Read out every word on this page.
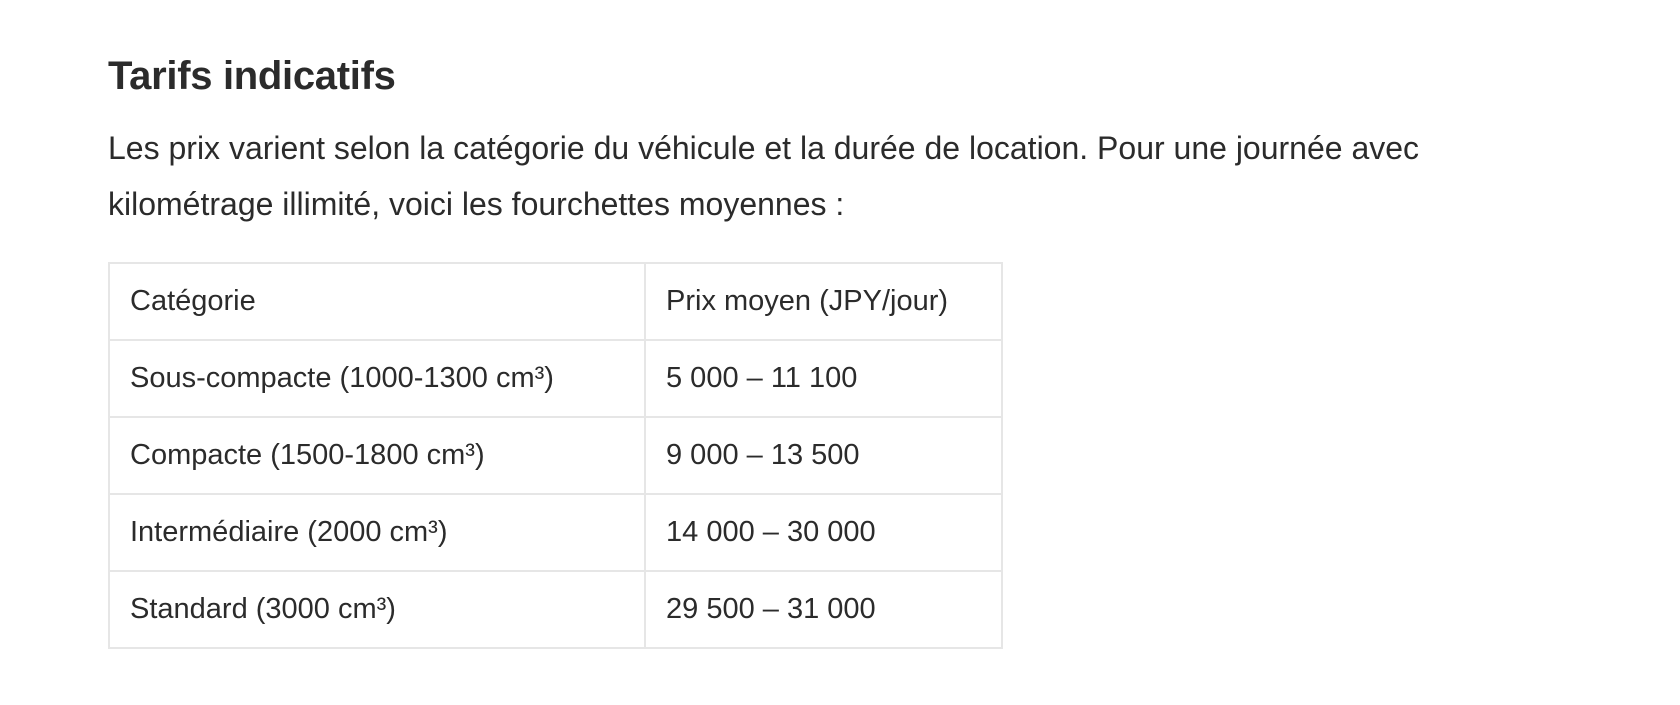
Tarifs indicatifs

Les prix varient selon la catégorie du véhicule et la durée de location. Pour une journée avec
kilométrage illimité, voici les fourchettes moyennes :

Catégorie	Prix moyen (JPY/jour)
Sous-compacte (1000-1300 cm³)	5 000 – 11 100
Compacte (1500-1800 cm³)	9 000 – 13 500
Intermédiaire (2000 cm³)	14 000 – 30 000
Standard (3000 cm³)	29 500 – 31 000
